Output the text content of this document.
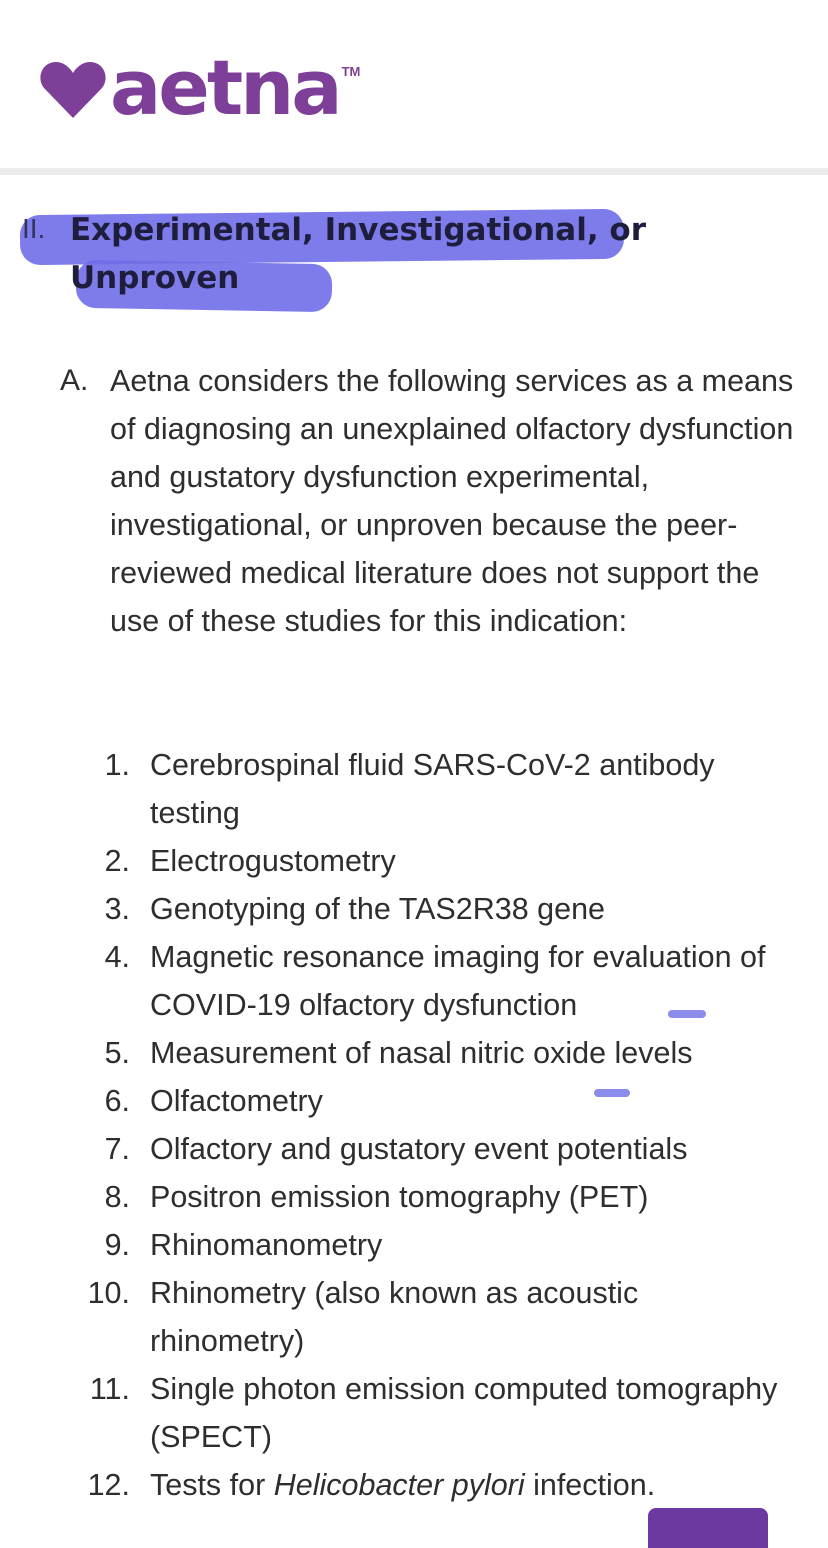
aetna TM
II. Experimental, Investigational, or Unproven
A. Aetna considers the following services as a means of diagnosing an unexplained olfactory dysfunction and gustatory dysfunction experimental, investigational, or unproven because the peer-reviewed medical literature does not support the use of these studies for this indication:
1. Cerebrospinal fluid SARS-CoV-2 antibody testing
2. Electrogustometry
3. Genotyping of the TAS2R38 gene
4. Magnetic resonance imaging for evaluation of COVID-19 olfactory dysfunction
5. Measurement of nasal nitric oxide levels
6. Olfactometry
7. Olfactory and gustatory event potentials
8. Positron emission tomography (PET)
9. Rhinomanometry
10. Rhinometry (also known as acoustic rhinometry)
11. Single photon emission computed tomography (SPECT)
12. Tests for Helicobacter pylori infection.
